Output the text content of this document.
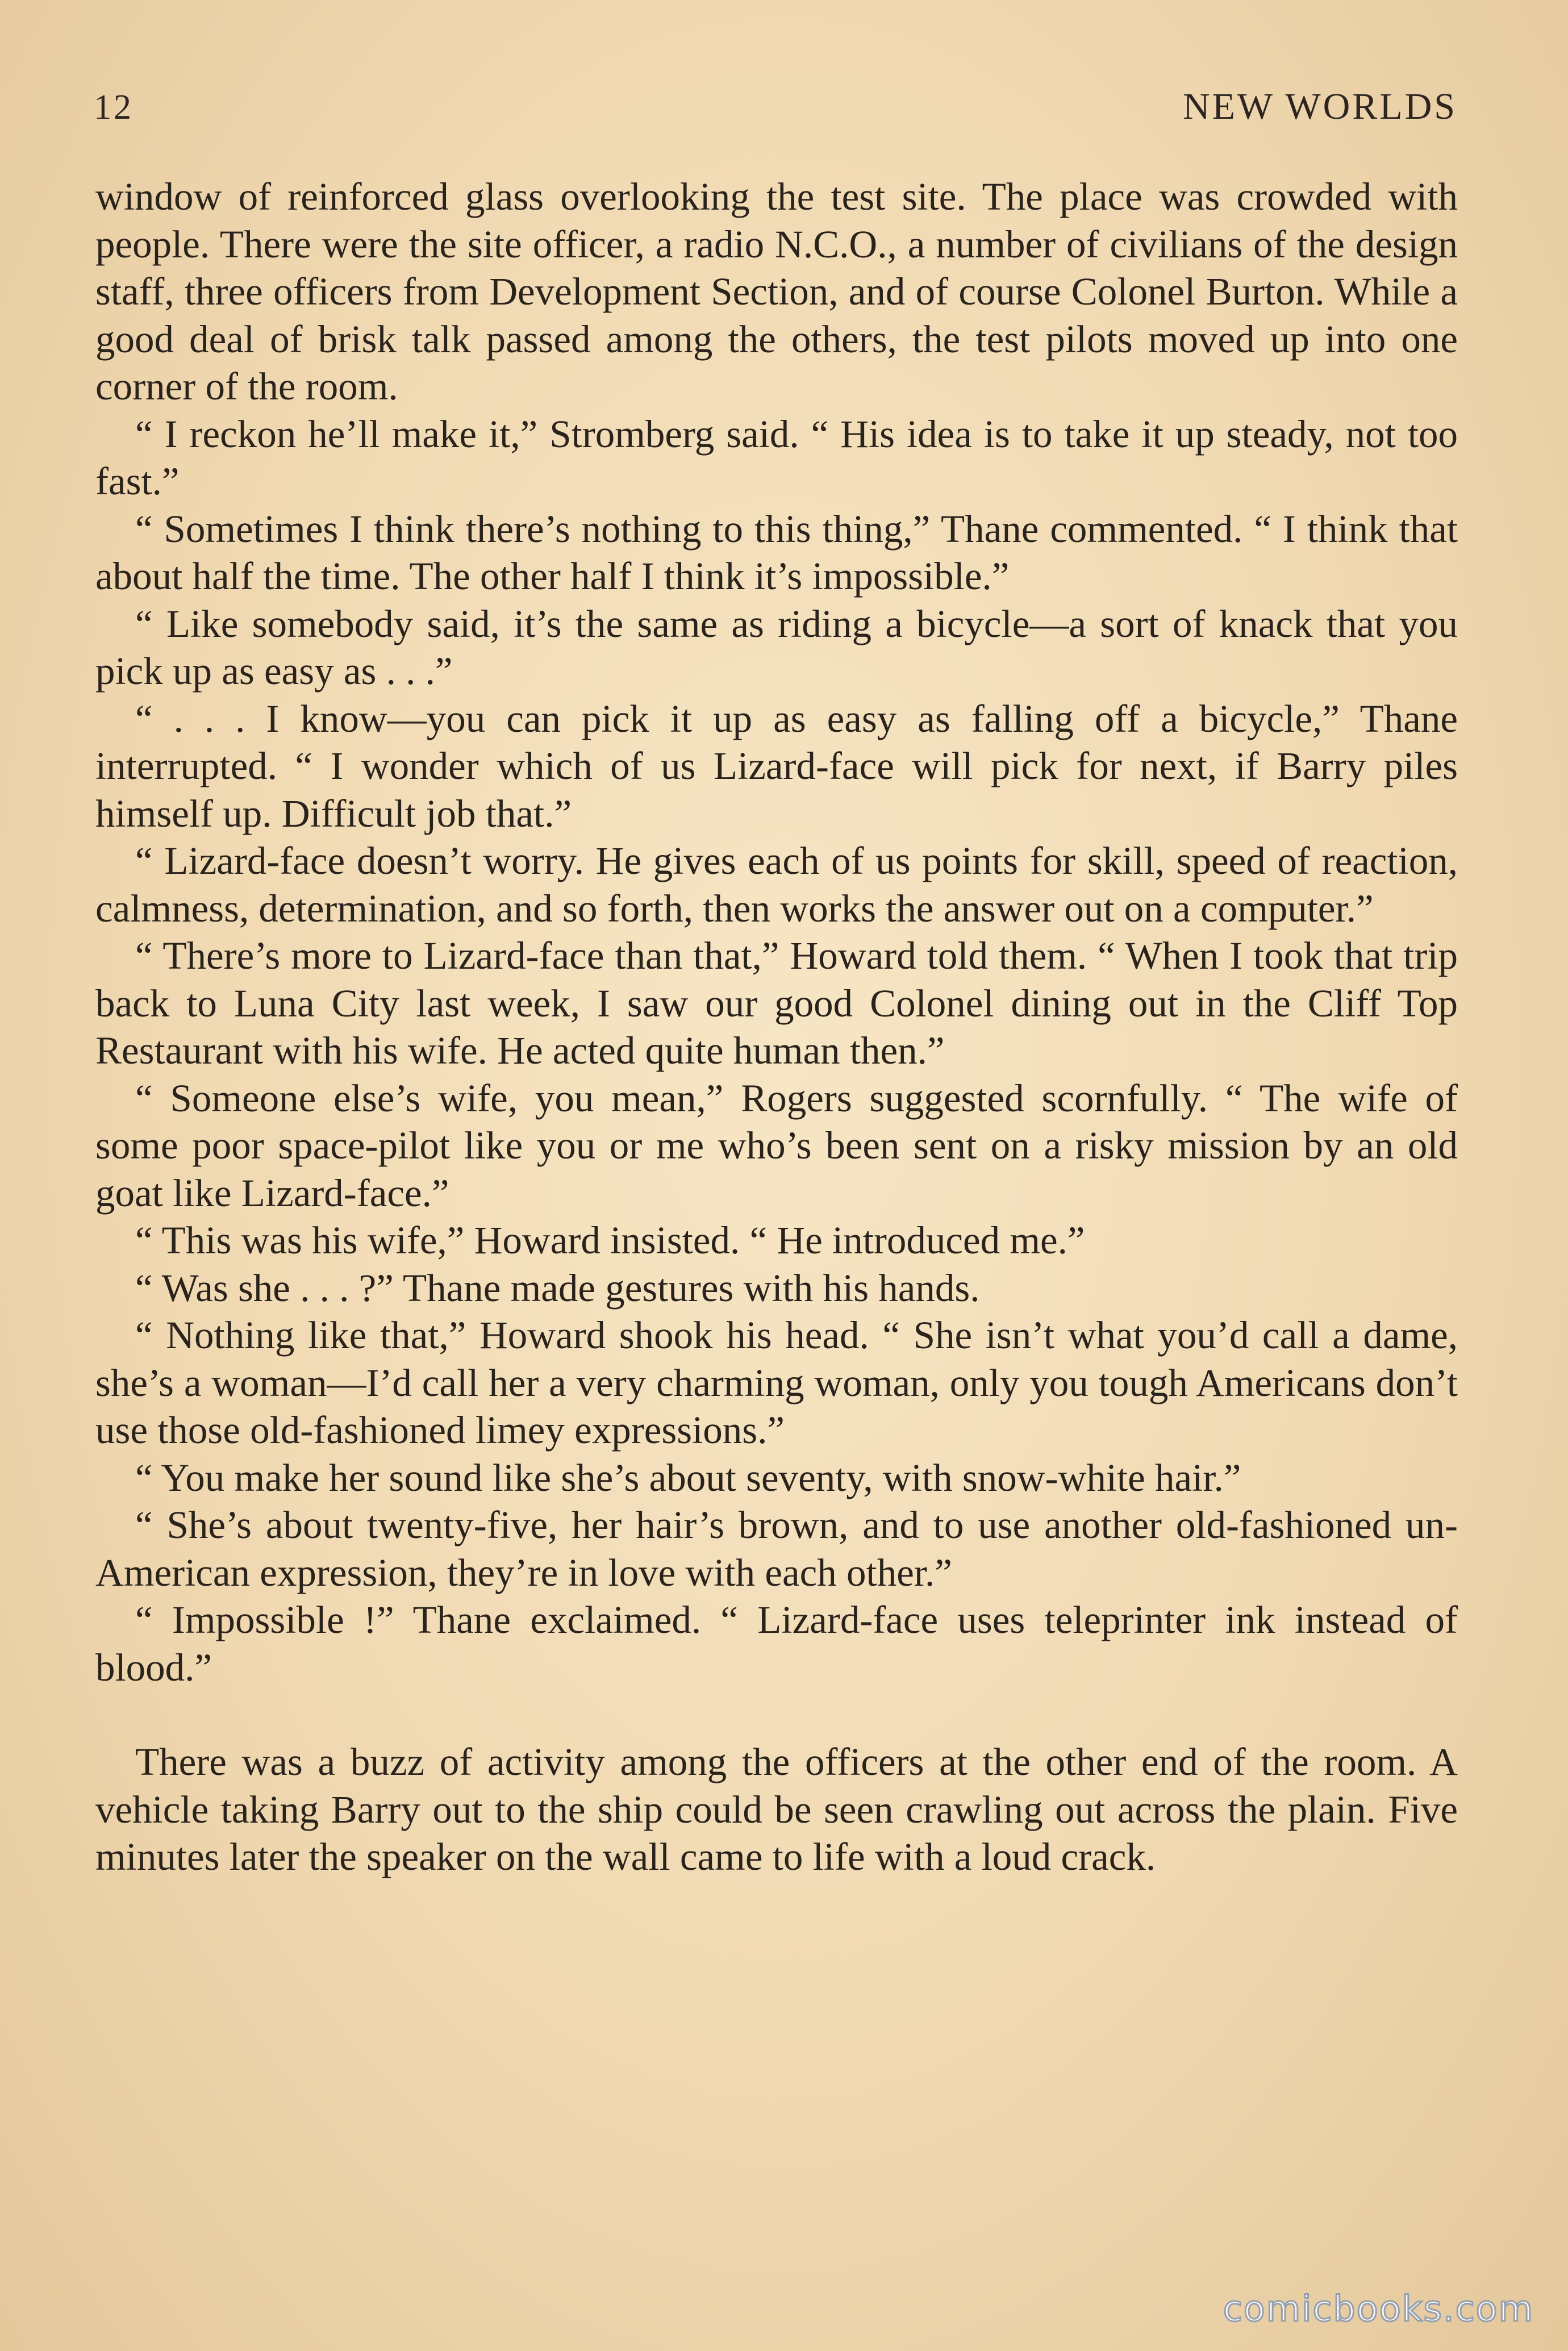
12	NEW WORLDS

window of reinforced glass overlooking the test site. The place was crowded with people. There were the site officer, a radio N.C.O., a number of civilians of the design staff, three officers from Development Section, and of course Colonel Burton. While a good deal of brisk talk passed among the others, the test pilots moved up into one corner of the room.

“ I reckon he’ll make it,” Stromberg said. “ His idea is to take it up steady, not too fast.”

“ Sometimes I think there’s nothing to this thing,” Thane commented. “ I think that about half the time. The other half I think it’s impossible.”

“ Like somebody said, it’s the same as riding a bicycle—a sort of knack that you pick up as easy as . . .”

“ . . . I know—you can pick it up as easy as falling off a bicycle,” Thane interrupted. “ I wonder which of us Lizard-face will pick for next, if Barry piles himself up. Difficult job that.”

“ Lizard-face doesn’t worry. He gives each of us points for skill, speed of reaction, calmness, determination, and so forth, then works the answer out on a computer.”

“ There’s more to Lizard-face than that,” Howard told them. “ When I took that trip back to Luna City last week, I saw our good Colonel dining out in the Cliff Top Restaurant with his wife. He acted quite human then.”

“ Someone else’s wife, you mean,” Rogers suggested scornfully. “ The wife of some poor space-pilot like you or me who’s been sent on a risky mission by an old goat like Lizard-face.”

“ This was his wife,” Howard insisted. “ He introduced me.”

“ Was she . . . ?” Thane made gestures with his hands.

“ Nothing like that,” Howard shook his head. “ She isn’t what you’d call a dame, she’s a woman—I’d call her a very charming woman, only you tough Americans don’t use those old-fashioned limey expressions.”

“ You make her sound like she’s about seventy, with snow-white hair.”

“ She’s about twenty-five, her hair’s brown, and to use another old-fashioned un-American expression, they’re in love with each other.”

“ Impossible !” Thane exclaimed. “ Lizard-face uses teleprinter ink instead of blood.”

There was a buzz of activity among the officers at the other end of the room. A vehicle taking Barry out to the ship could be seen crawling out across the plain. Five minutes later the speaker on the wall came to life with a loud crack.

comicbooks.com
